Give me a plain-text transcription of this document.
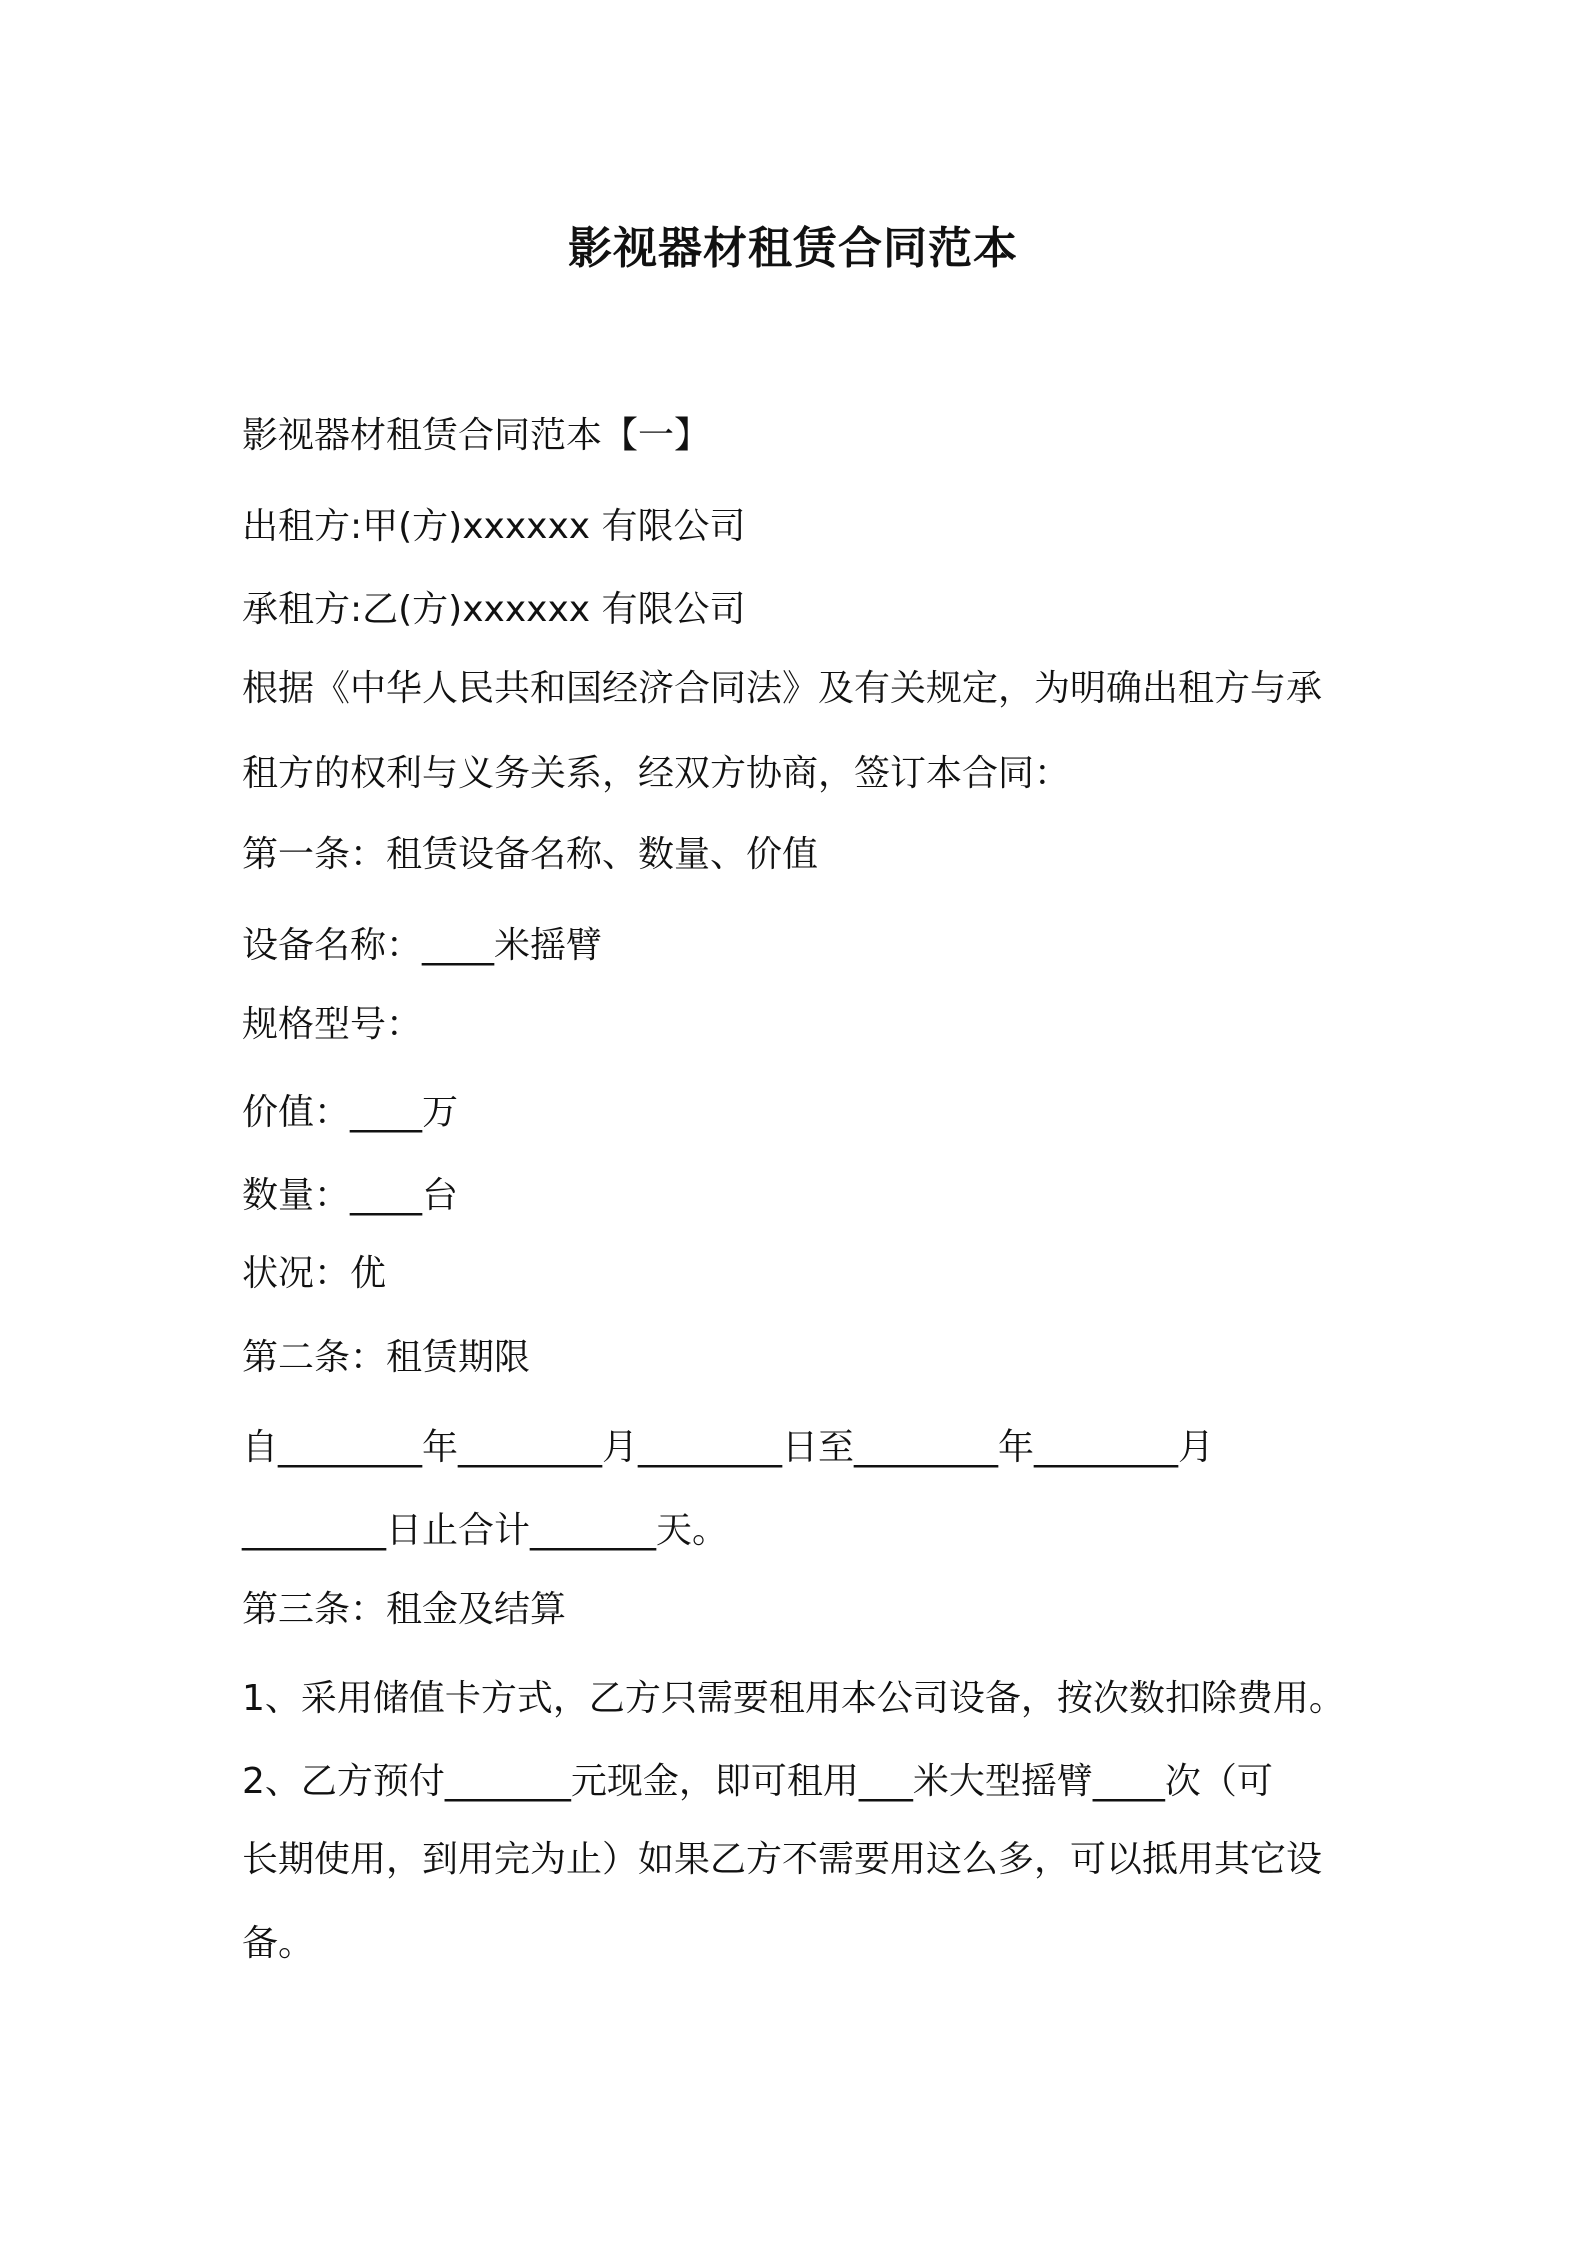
影视器材租赁合同范本
影视器材租赁合同范本【一】
出租方:甲(方)xxxxxx 有限公司
承租方:乙(方)xxxxxx 有限公司
根据《中华人民共和国经济合同法》及有关规定，为明确出租方与承
租方的权利与义务关系，经双方协商，签订本合同：
第一条：租赁设备名称、数量、价值
设备名称：____米摇臂
规格型号：
价值：____万
数量：____台
状况：优
第二条：租赁期限
自________年________月________日至________年________月
________日止合计_______天。
第三条：租金及结算
1、采用储值卡方式，乙方只需要租用本公司设备，按次数扣除费用。
2、乙方预付_______元现金，即可租用___米大型摇臂____次（可
长期使用，到用完为止）如果乙方不需要用这么多，可以抵用其它设
备。
